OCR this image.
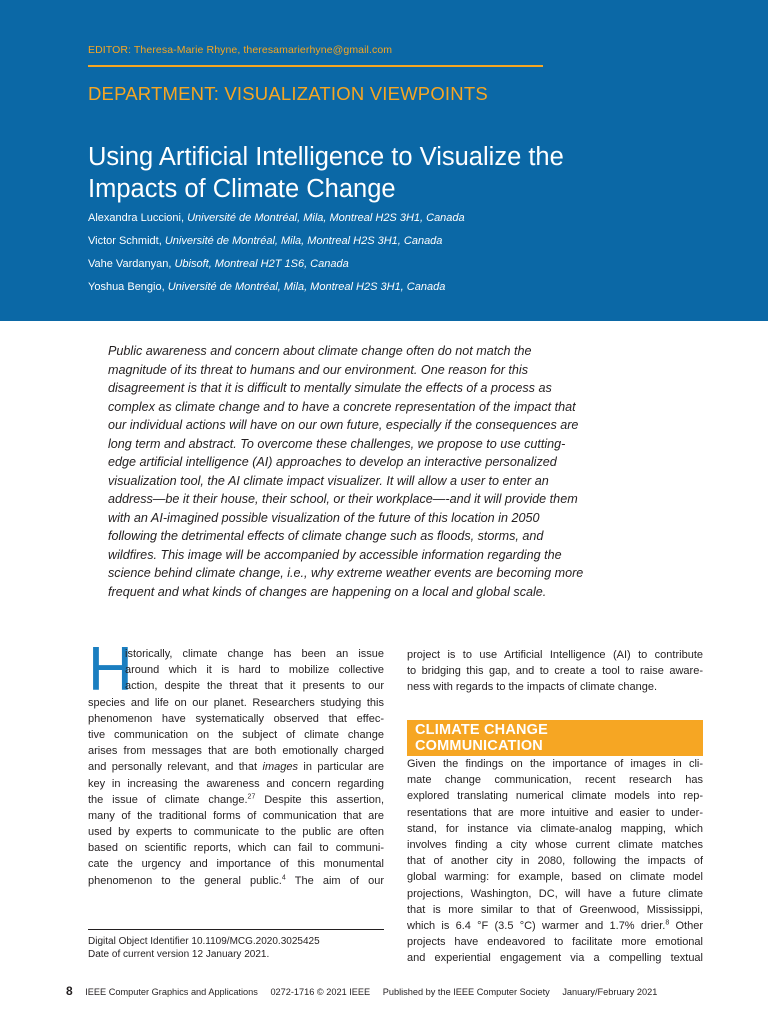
EDITOR: Theresa-Marie Rhyne, theresamarierhyne@gmail.com
DEPARTMENT: VISUALIZATION VIEWPOINTS
Using Artificial Intelligence to Visualize the
Impacts of Climate Change
Alexandra Luccioni, Université de Montréal, Mila, Montreal H2S 3H1, Canada
Victor Schmidt, Université de Montréal, Mila, Montreal H2S 3H1, Canada
Vahe Vardanyan, Ubisoft, Montreal H2T 1S6, Canada
Yoshua Bengio, Université de Montréal, Mila, Montreal H2S 3H1, Canada
Public awareness and concern about climate change often do not match the
magnitude of its threat to humans and our environment. One reason for this
disagreement is that it is difficult to mentally simulate the effects of a process as
complex as climate change and to have a concrete representation of the impact that
our individual actions will have on our own future, especially if the consequences are
long term and abstract. To overcome these challenges, we propose to use cutting-
edge artificial intelligence (AI) approaches to develop an interactive personalized
visualization tool, the AI climate impact visualizer. It will allow a user to enter an
address—be it their house, their school, or their workplace—-and it will provide them
with an AI-imagined possible visualization of the future of this location in 2050
following the detrimental effects of climate change such as floods, storms, and
wildfires. This image will be accompanied by accessible information regarding the
science behind climate change, i.e., why extreme weather events are becoming more
frequent and what kinds of changes are happening on a local and global scale.
H
istorically, climate change has been an issue
around which it is hard to mobilize collective
action, despite the threat that it presents to our
species and life on our planet. Researchers studying this
phenomenon have systematically observed that effec-
tive communication on the subject of climate change
arises from messages that are both emotionally charged
and personally relevant, and that images in particular are
key in increasing the awareness and concern regarding
the issue of climate change.$^{27}$ Despite this assertion,
many of the traditional forms of communication that are
used by experts to communicate to the public are often
based on scientific reports, which can fail to communi-
cate the urgency and importance of this monumental
phenomenon to the general public.$^4$ The aim of our
Digital Object Identifier 10.1109/MCG.2020.3025425
Date of current version 12 January 2021.
project is to use Artificial Intelligence (AI) to contribute
to bridging this gap, and to create a tool to raise aware-
ness with regards to the impacts of climate change.
CLIMATE CHANGE
COMMUNICATION
Given the findings on the importance of images in cli-
mate change communication, recent research has
explored translating numerical climate models into rep-
resentations that are more intuitive and easier to under-
stand, for instance via climate-analog mapping, which
involves finding a city whose current climate matches
that of another city in 2080, following the impacts of
global warming: for example, based on climate model
projections, Washington, DC, will have a future climate
that is more similar to that of Greenwood, Mississippi,
which is 6.4 °F (3.5 °C) warmer and 1.7% drier.$^8$ Other
projects have endeavored to facilitate more emotional
and experiential engagement via a compelling textual
8 IEEE Computer Graphics and Applications 0272-1716 © 2021 IEEE Published by the IEEE Computer Society January/February 2021
